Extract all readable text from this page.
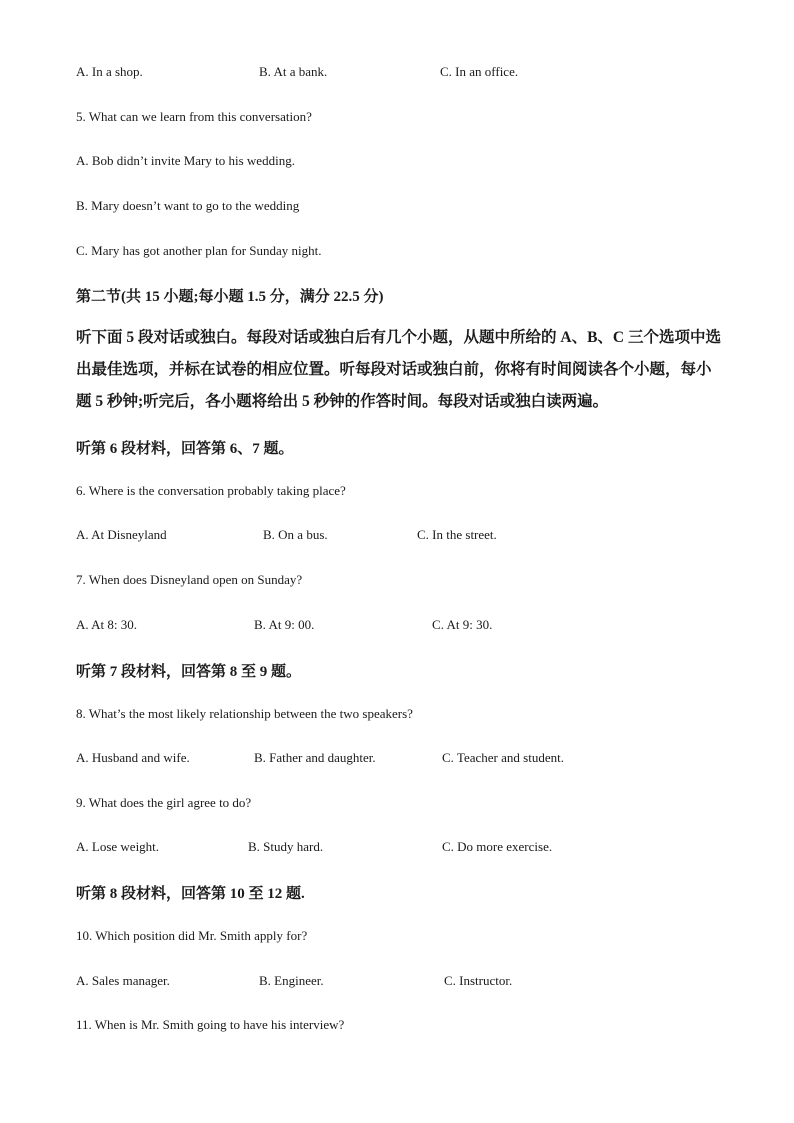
A. In a shop.	B. At a bank.	C. In an office.
5. What can we learn from this conversation?
A. Bob didn’t invite Mary to his wedding.
B. Mary doesn’t want to go to the wedding
C. Mary has got another plan for Sunday night.
第二节(共 15 小题;每小题 1.5 分，满分 22.5 分)
听下面 5 段对话或独白。每段对话或独白后有几个小题，从题中所给的 A、B、C 三个选项中选出最佳选项，并标在试卷的相应位置。听每段对话或独白前，你将有时间阅读各个小题，每小题 5 秒钟;听完后，各小题将给出 5 秒钟的作答时间。每段对话或独白读两遍。
听第 6 段材料，回答第 6、7 题。
6. Where is the conversation probably taking place?
A. At Disneyland	B. On a bus.	C. In the street.
7. When does Disneyland open on Sunday?
A. At 8: 30.	B. At 9: 00.	C. At 9: 30.
听第 7 段材料，回答第 8 至 9 题。
8. What’s the most likely relationship between the two speakers?
A. Husband and wife.	B. Father and daughter.	C. Teacher and student.
9. What does the girl agree to do?
A. Lose weight.	B. Study hard.	C. Do more exercise.
听第 8 段材料，回答第 10 至 12 题.
10. Which position did Mr. Smith apply for?
A. Sales manager.	B. Engineer.	C. Instructor.
11. When is Mr. Smith going to have his interview?
